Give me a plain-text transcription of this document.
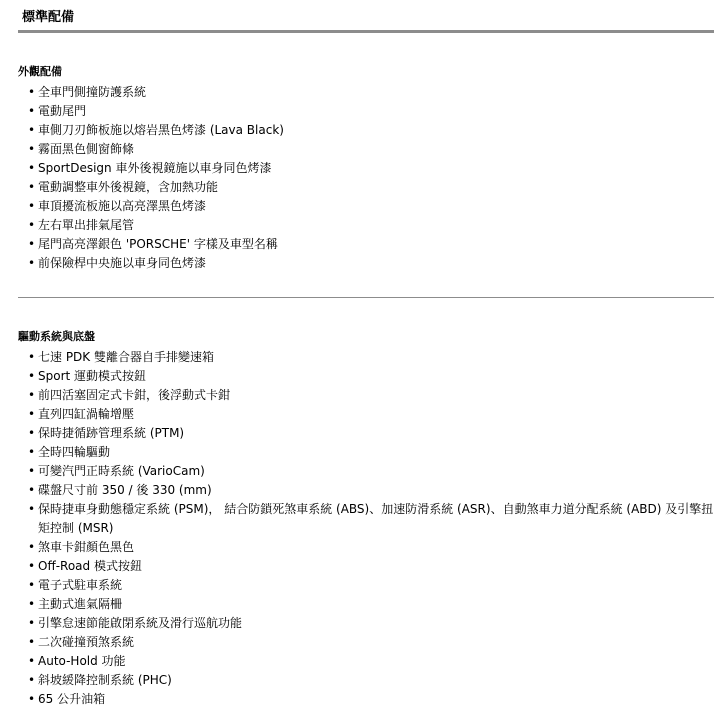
標準配備
外觀配備
• 全車門側撞防護系統
• 電動尾門
• 車側刀刃飾板施以熔岩黑色烤漆 (Lava Black)
• 霧面黑色側窗飾條
• SportDesign 車外後視鏡施以車身同色烤漆
• 電動調整車外後視鏡，含加熱功能
• 車頂擾流板施以高亮澤黑色烤漆
• 左右單出排氣尾管
• 尾門高亮澤銀色 'PORSCHE' 字樣及車型名稱
• 前保險桿中央施以車身同色烤漆
驅動系統與底盤
• 七速 PDK 雙離合器自手排變速箱
• Sport 運動模式按鈕
• 前四活塞固定式卡鉗，後浮動式卡鉗
• 直列四缸渦輪增壓
• 保時捷循跡管理系統 (PTM)
• 全時四輪驅動
• 可變汽門正時系統 (VarioCam)
• 碟盤尺寸前 350 / 後 330 (mm)
• 保時捷車身動態穩定系統 (PSM)， 結合防鎖死煞車系統 (ABS)、加速防滑系統 (ASR)、自動煞車力道分配系統 (ABD) 及引擎扭矩控制 (MSR)
• 煞車卡鉗顏色黑色
• Off-Road 模式按鈕
• 電子式駐車系統
• 主動式進氣隔柵
• 引擎怠速節能啟閉系統及滑行巡航功能
• 二次碰撞預煞系統
• Auto-Hold 功能
• 斜坡緩降控制系統 (PHC)
• 65 公升油箱
